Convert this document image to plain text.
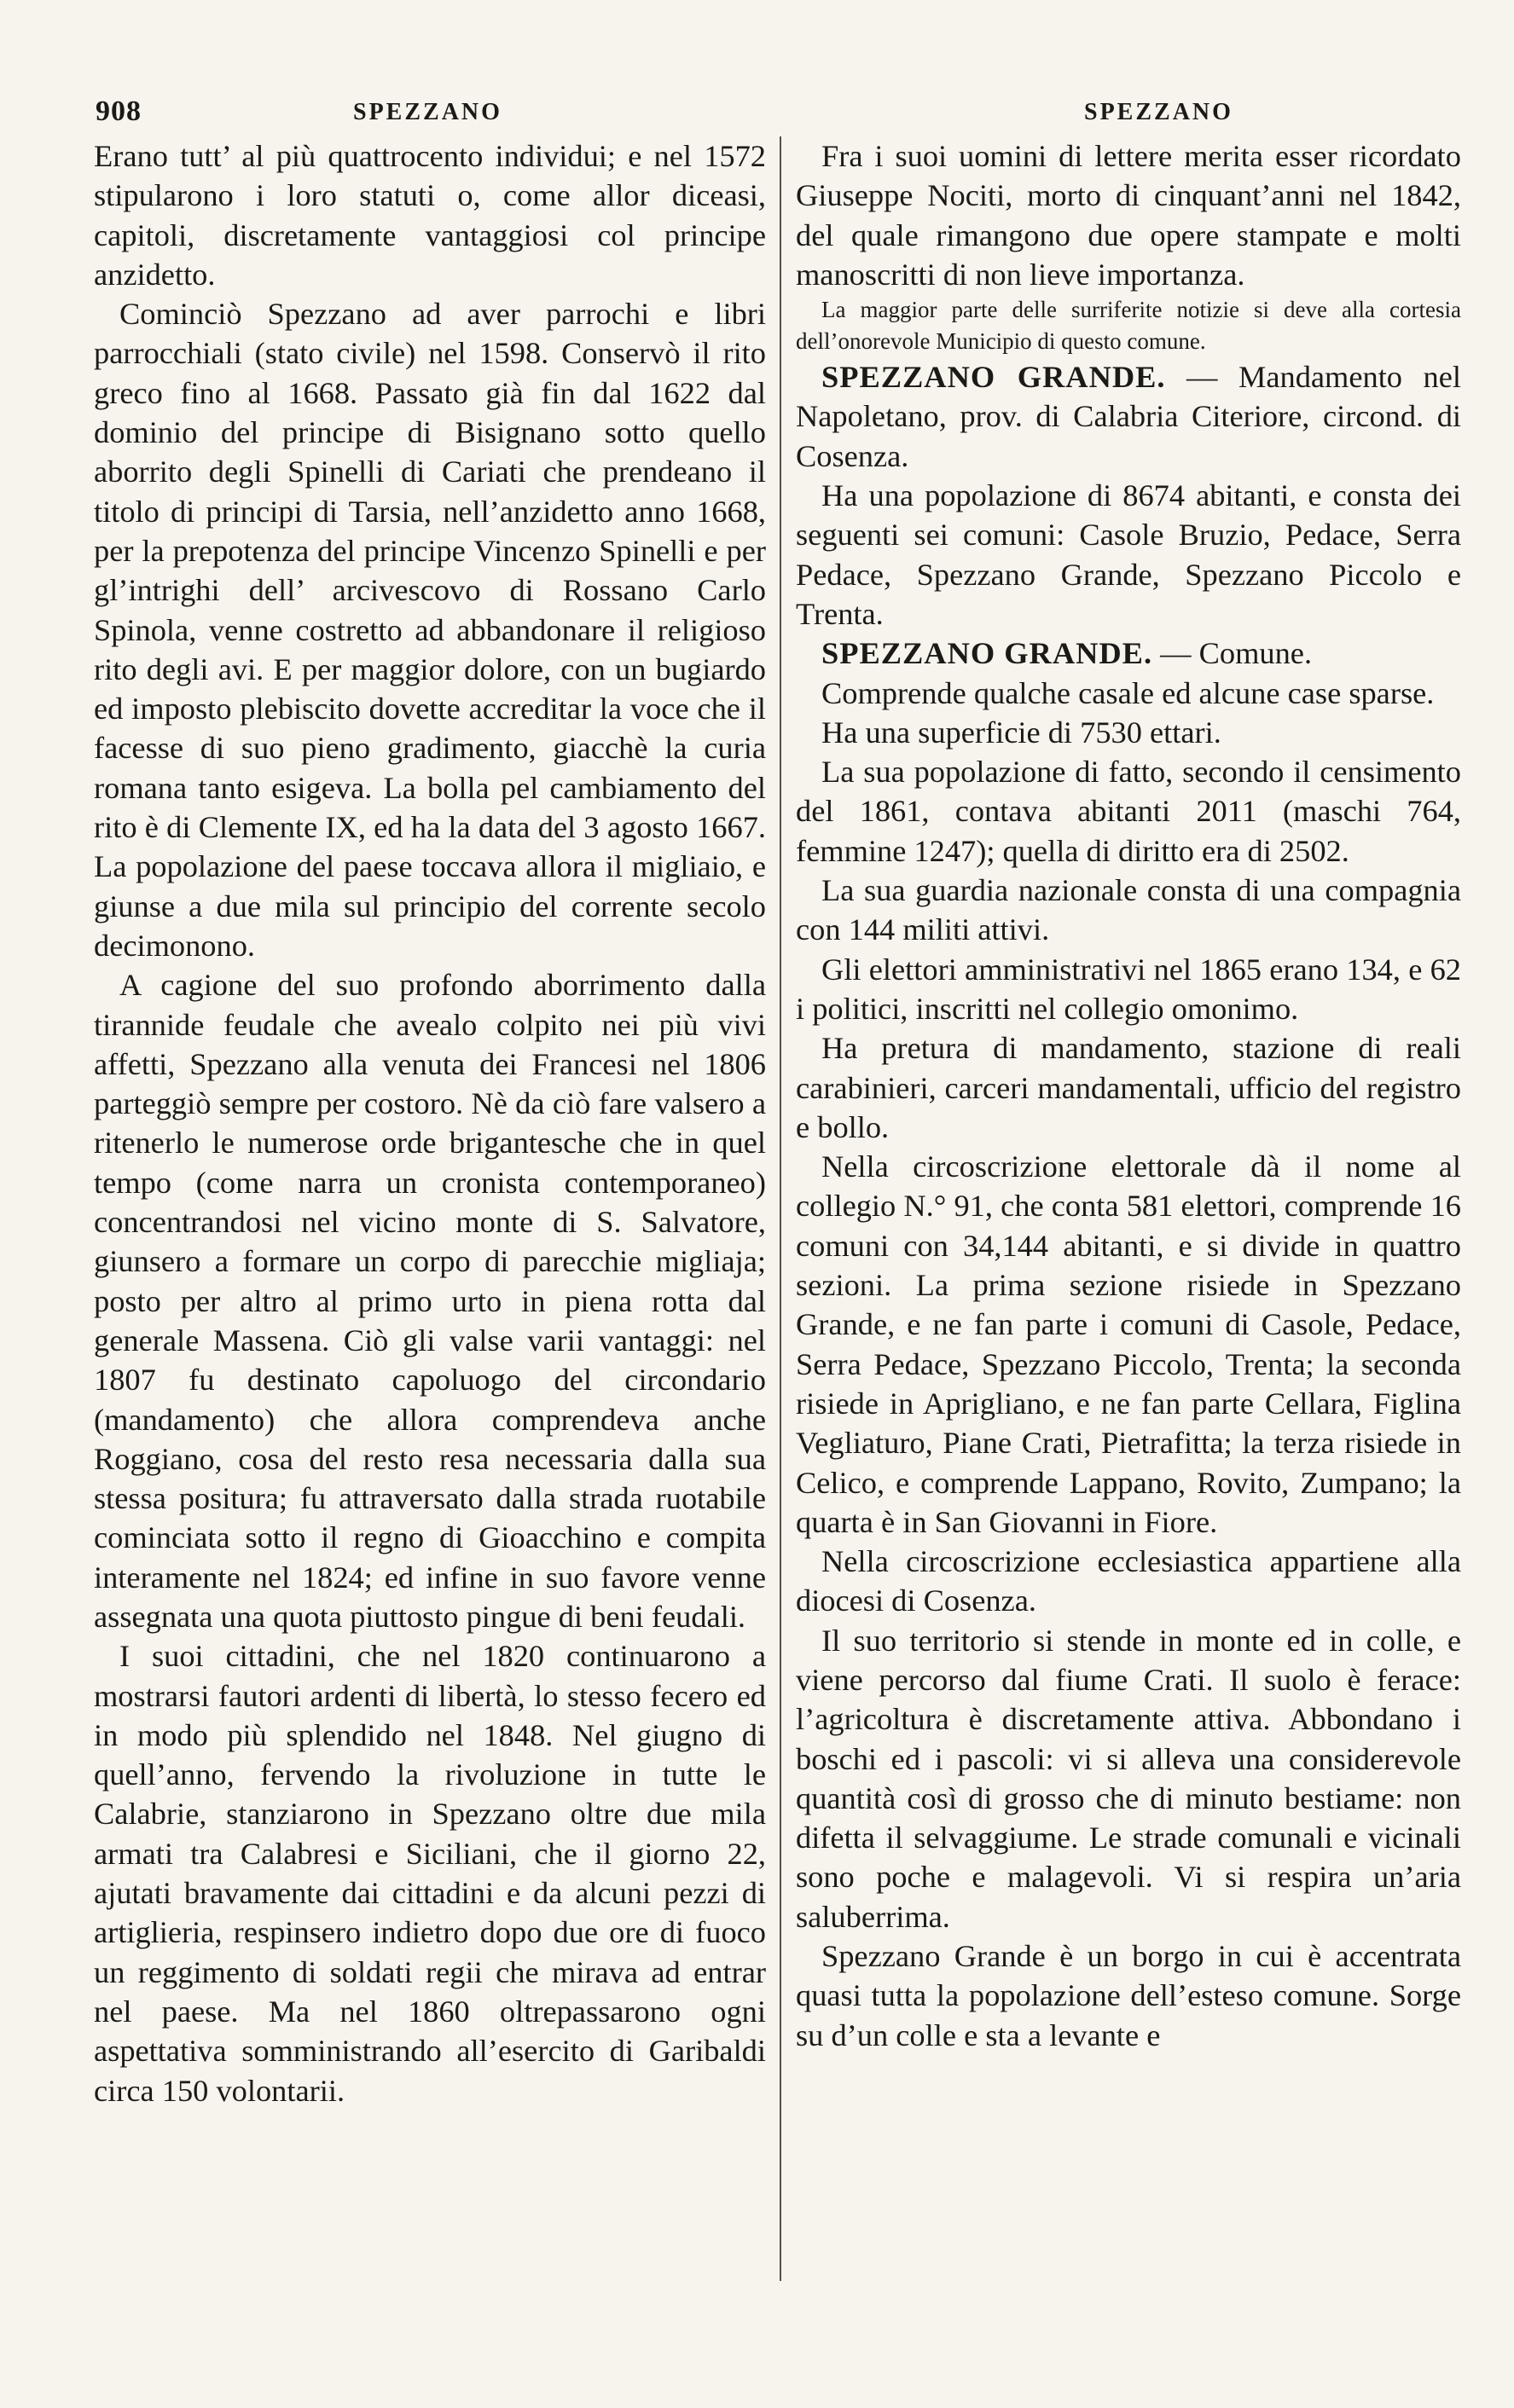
908	SPEZZANO	SPEZZANO

Erano tutt’ al più quattrocento individui; e nel 1572 stipularono i loro statuti o, come allor diceasi, capitoli, discretamente vantaggiosi col principe anzidetto.

Cominciò Spezzano ad aver parrochi e libri parrocchiali (stato civile) nel 1598. Conservò il rito greco fino al 1668. Passato già fin dal 1622 dal dominio del principe di Bisignano sotto quello aborrito degli Spinelli di Cariati che prendeano il titolo di principi di Tarsia, nell’anzidetto anno 1668, per la prepotenza del principe Vincenzo Spinelli e per gl’intrighi dell’ arcivescovo di Rossano Carlo Spinola, venne costretto ad abbandonare il religioso rito degli avi. E per maggior dolore, con un bugiardo ed imposto plebiscito dovette accreditar la voce che il facesse di suo pieno gradimento, giacchè la curia romana tanto esigeva. La bolla pel cambiamento del rito è di Clemente IX, ed ha la data del 3 agosto 1667. La popolazione del paese toccava allora il migliaio, e giunse a due mila sul principio del corrente secolo decimonono.

A cagione del suo profondo aborrimento dalla tirannide feudale che avealo colpito nei più vivi affetti, Spezzano alla venuta dei Francesi nel 1806 parteggiò sempre per costoro. Nè da ciò fare valsero a ritenerlo le numerose orde brigantesche che in quel tempo (come narra un cronista contemporaneo) concentrandosi nel vicino monte di S. Salvatore, giunsero a formare un corpo di parecchie migliaja; posto per altro al primo urto in piena rotta dal generale Massena. Ciò gli valse varii vantaggi: nel 1807 fu destinato capoluogo del circondario (mandamento) che allora comprendeva anche Roggiano, cosa del resto resa necessaria dalla sua stessa positura; fu attraversato dalla strada ruotabile cominciata sotto il regno di Gioacchino e compita interamente nel 1824; ed infine in suo favore venne assegnata una quota piuttosto pingue di beni feudali.

I suoi cittadini, che nel 1820 continuarono a mostrarsi fautori ardenti di libertà, lo stesso fecero ed in modo più splendido nel 1848. Nel giugno di quell’anno, fervendo la rivoluzione in tutte le Calabrie, stanziarono in Spezzano oltre due mila armati tra Calabresi e Siciliani, che il giorno 22, ajutati bravamente dai cittadini e da alcuni pezzi di artiglieria, respinsero indietro dopo due ore di fuoco un reggimento di soldati regii che mirava ad entrar nel paese. Ma nel 1860 oltrepassarono ogni aspettativa somministrando all’esercito di Garibaldi circa 150 volontarii.

Fra i suoi uomini di lettere merita esser ricordato Giuseppe Nociti, morto di cinquant’anni nel 1842, del quale rimangono due opere stampate e molti manoscritti di non lieve importanza.

La maggior parte delle surriferite notizie si deve alla cortesia dell’onorevole Municipio di questo comune.

SPEZZANO GRANDE. — Mandamento nel Napoletano, prov. di Calabria Citeriore, circond. di Cosenza.

Ha una popolazione di 8674 abitanti, e consta dei seguenti sei comuni: Casole Bruzio, Pedace, Serra Pedace, Spezzano Grande, Spezzano Piccolo e Trenta.

SPEZZANO GRANDE. — Comune.

Comprende qualche casale ed alcune case sparse.

Ha una superficie di 7530 ettari.

La sua popolazione di fatto, secondo il censimento del 1861, contava abitanti 2011 (maschi 764, femmine 1247); quella di diritto era di 2502.

La sua guardia nazionale consta di una compagnia con 144 militi attivi.

Gli elettori amministrativi nel 1865 erano 134, e 62 i politici, inscritti nel collegio omonimo.

Ha pretura di mandamento, stazione di reali carabinieri, carceri mandamentali, ufficio del registro e bollo.

Nella circoscrizione elettorale dà il nome al collegio N.° 91, che conta 581 elettori, comprende 16 comuni con 34,144 abitanti, e si divide in quattro sezioni. La prima sezione risiede in Spezzano Grande, e ne fan parte i comuni di Casole, Pedace, Serra Pedace, Spezzano Piccolo, Trenta; la seconda risiede in Aprigliano, e ne fan parte Cellara, Figlina Vegliaturo, Piane Crati, Pietrafitta; la terza risiede in Celico, e comprende Lappano, Rovito, Zumpano; la quarta è in San Giovanni in Fiore.

Nella circoscrizione ecclesiastica appartiene alla diocesi di Cosenza.

Il suo territorio si stende in monte ed in colle, e viene percorso dal fiume Crati. Il suolo è ferace: l’agricoltura è discretamente attiva. Abbondano i boschi ed i pascoli: vi si alleva una considerevole quantità così di grosso che di minuto bestiame: non difetta il selvaggiume. Le strade comunali e vicinali sono poche e malagevoli. Vi si respira un’aria saluberrima.

Spezzano Grande è un borgo in cui è accentrata quasi tutta la popolazione dell’esteso comune. Sorge su d’un colle e sta a levante e
